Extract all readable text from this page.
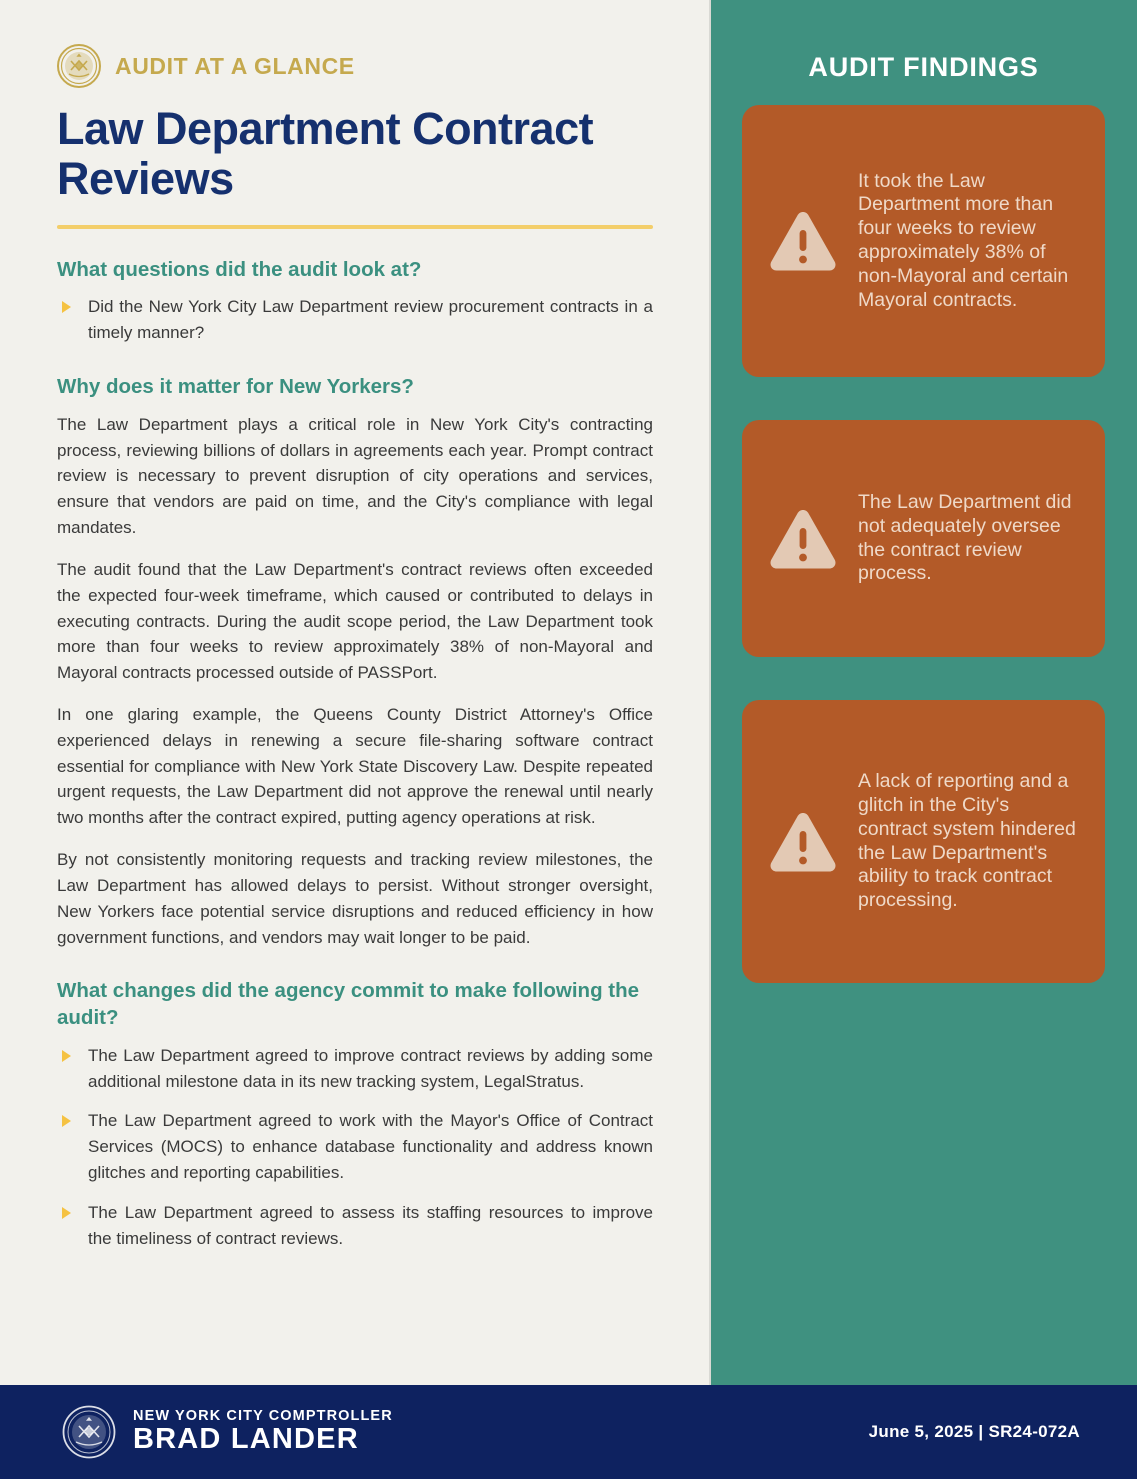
AUDIT AT A GLANCE
Law Department Contract Reviews
What questions did the audit look at?
Did the New York City Law Department review procurement contracts in a timely manner?
Why does it matter for New Yorkers?

The Law Department plays a critical role in New York City's contracting process, reviewing billions of dollars in agreements each year. Prompt contract review is necessary to prevent disruption of city operations and services, ensure that vendors are paid on time, and the City's compliance with legal mandates.

The audit found that the Law Department's contract reviews often exceeded the expected four-week timeframe, which caused or contributed to delays in executing contracts. During the audit scope period, the Law Department took more than four weeks to review approximately 38% of non-Mayoral and Mayoral contracts processed outside of PASSPort.

In one glaring example, the Queens County District Attorney's Office experienced delays in renewing a secure file-sharing software contract essential for compliance with New York State Discovery Law. Despite repeated urgent requests, the Law Department did not approve the renewal until nearly two months after the contract expired, putting agency operations at risk.

By not consistently monitoring requests and tracking review milestones, the Law Department has allowed delays to persist. Without stronger oversight, New Yorkers face potential service disruptions and reduced efficiency in how government functions, and vendors may wait longer to be paid.

What changes did the agency commit to make following the audit?
The Law Department agreed to improve contract reviews by adding some additional milestone data in its new tracking system, LegalStratus.
The Law Department agreed to work with the Mayor's Office of Contract Services (MOCS) to enhance database functionality and address known glitches and reporting capabilities.
The Law Department agreed to assess its staffing resources to improve the timeliness of contract reviews.
AUDIT FINDINGS
It took the Law Department more than four weeks to review approximately 38% of non-Mayoral and certain Mayoral contracts.
The Law Department did not adequately oversee the contract review process.
A lack of reporting and a glitch in the City's contract system hindered the Law Department's ability to track contract processing.
NEW YORK CITY COMPTROLLER
BRAD LANDER	June 5, 2025 | SR24-072A
